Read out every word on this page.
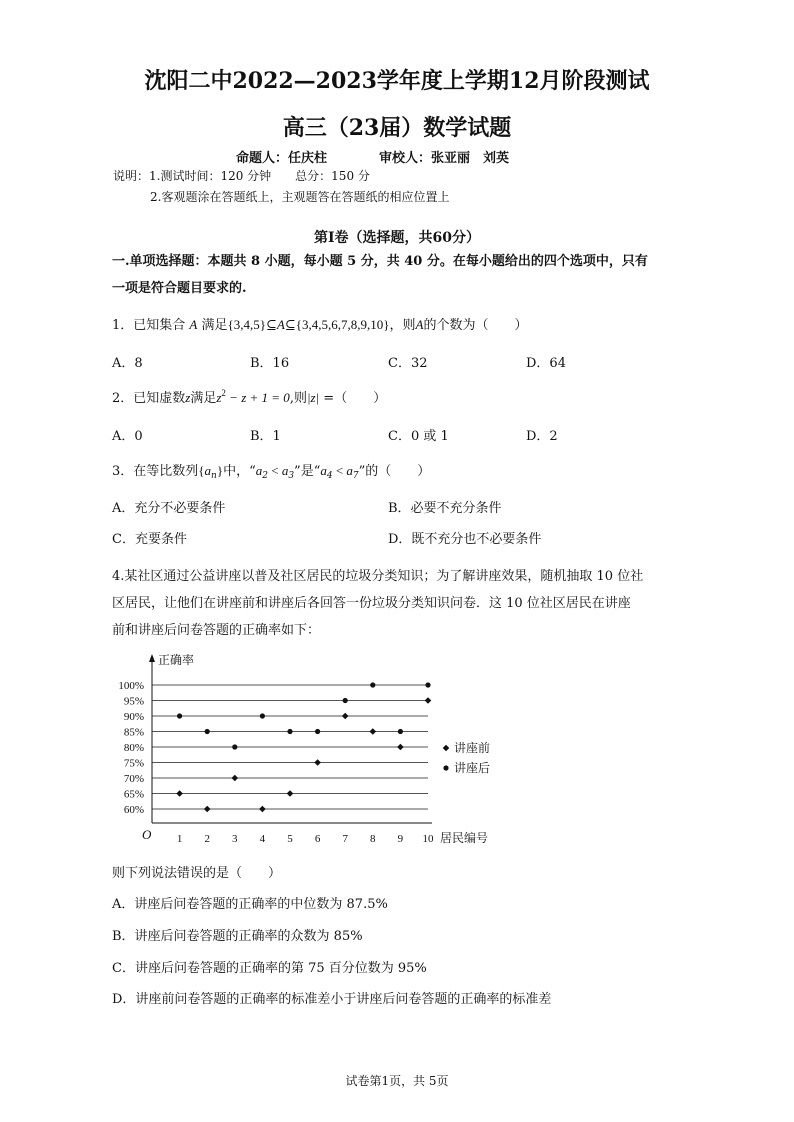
沈阳二中2022—2023学年度上学期12月阶段测试
高三（23届）数学试题
命题人：任庆柱　　　　审校人：张亚丽　刘英
说明：1.测试时间：120 分钟　　总分：150 分
2.客观题涂在答题纸上，主观题答在答题纸的相应位置上
第Ⅰ卷（选择题，共60分）
一.单项选择题：本题共 8 小题，每小题 5 分，共 40 分。在每小题给出的四个选项中，只有
一项是符合题目要求的.
1．已知集合 A 满足{3,4,5}⊆A⊆{3,4,5,6,7,8,9,10}，则A的个数为（　　）
A．8	B．16	C．32	D．64
2．已知虚数z满足$z^2 - z + 1 = 0$,则|z| =（　　）
A．0	B．1	C．0 或 1	D．2
3．在等比数列$\{a_n\}$中，“$a_2 < a_3$”是“$a_4 < a_7$”的（　　）
A．充分不必要条件	B．必要不充分条件
C．充要条件	D．既不充分也不必要条件
4.某社区通过公益讲座以普及社区居民的垃圾分类知识；为了解讲座效果，随机抽取 10 位社
区居民，让他们在讲座前和讲座后各回答一份垃圾分类知识问卷．这 10 位社区居民在讲座
前和讲座后问卷答题的正确率如下：
60%
65%
70%
75%
80%
85%
90%
95%
100%
正确率
O 1 2 3 4 5 6 7 8 9 10 居民编号
讲座前
讲座后
则下列说法错误的是（　　）
A．讲座后问卷答题的正确率的中位数为 87.5%
B．讲座后问卷答题的正确率的众数为 85%
C．讲座后问卷答题的正确率的第 75 百分位数为 95%
D．讲座前问卷答题的正确率的标准差小于讲座后问卷答题的正确率的标准差
试卷第1页，共 5页
